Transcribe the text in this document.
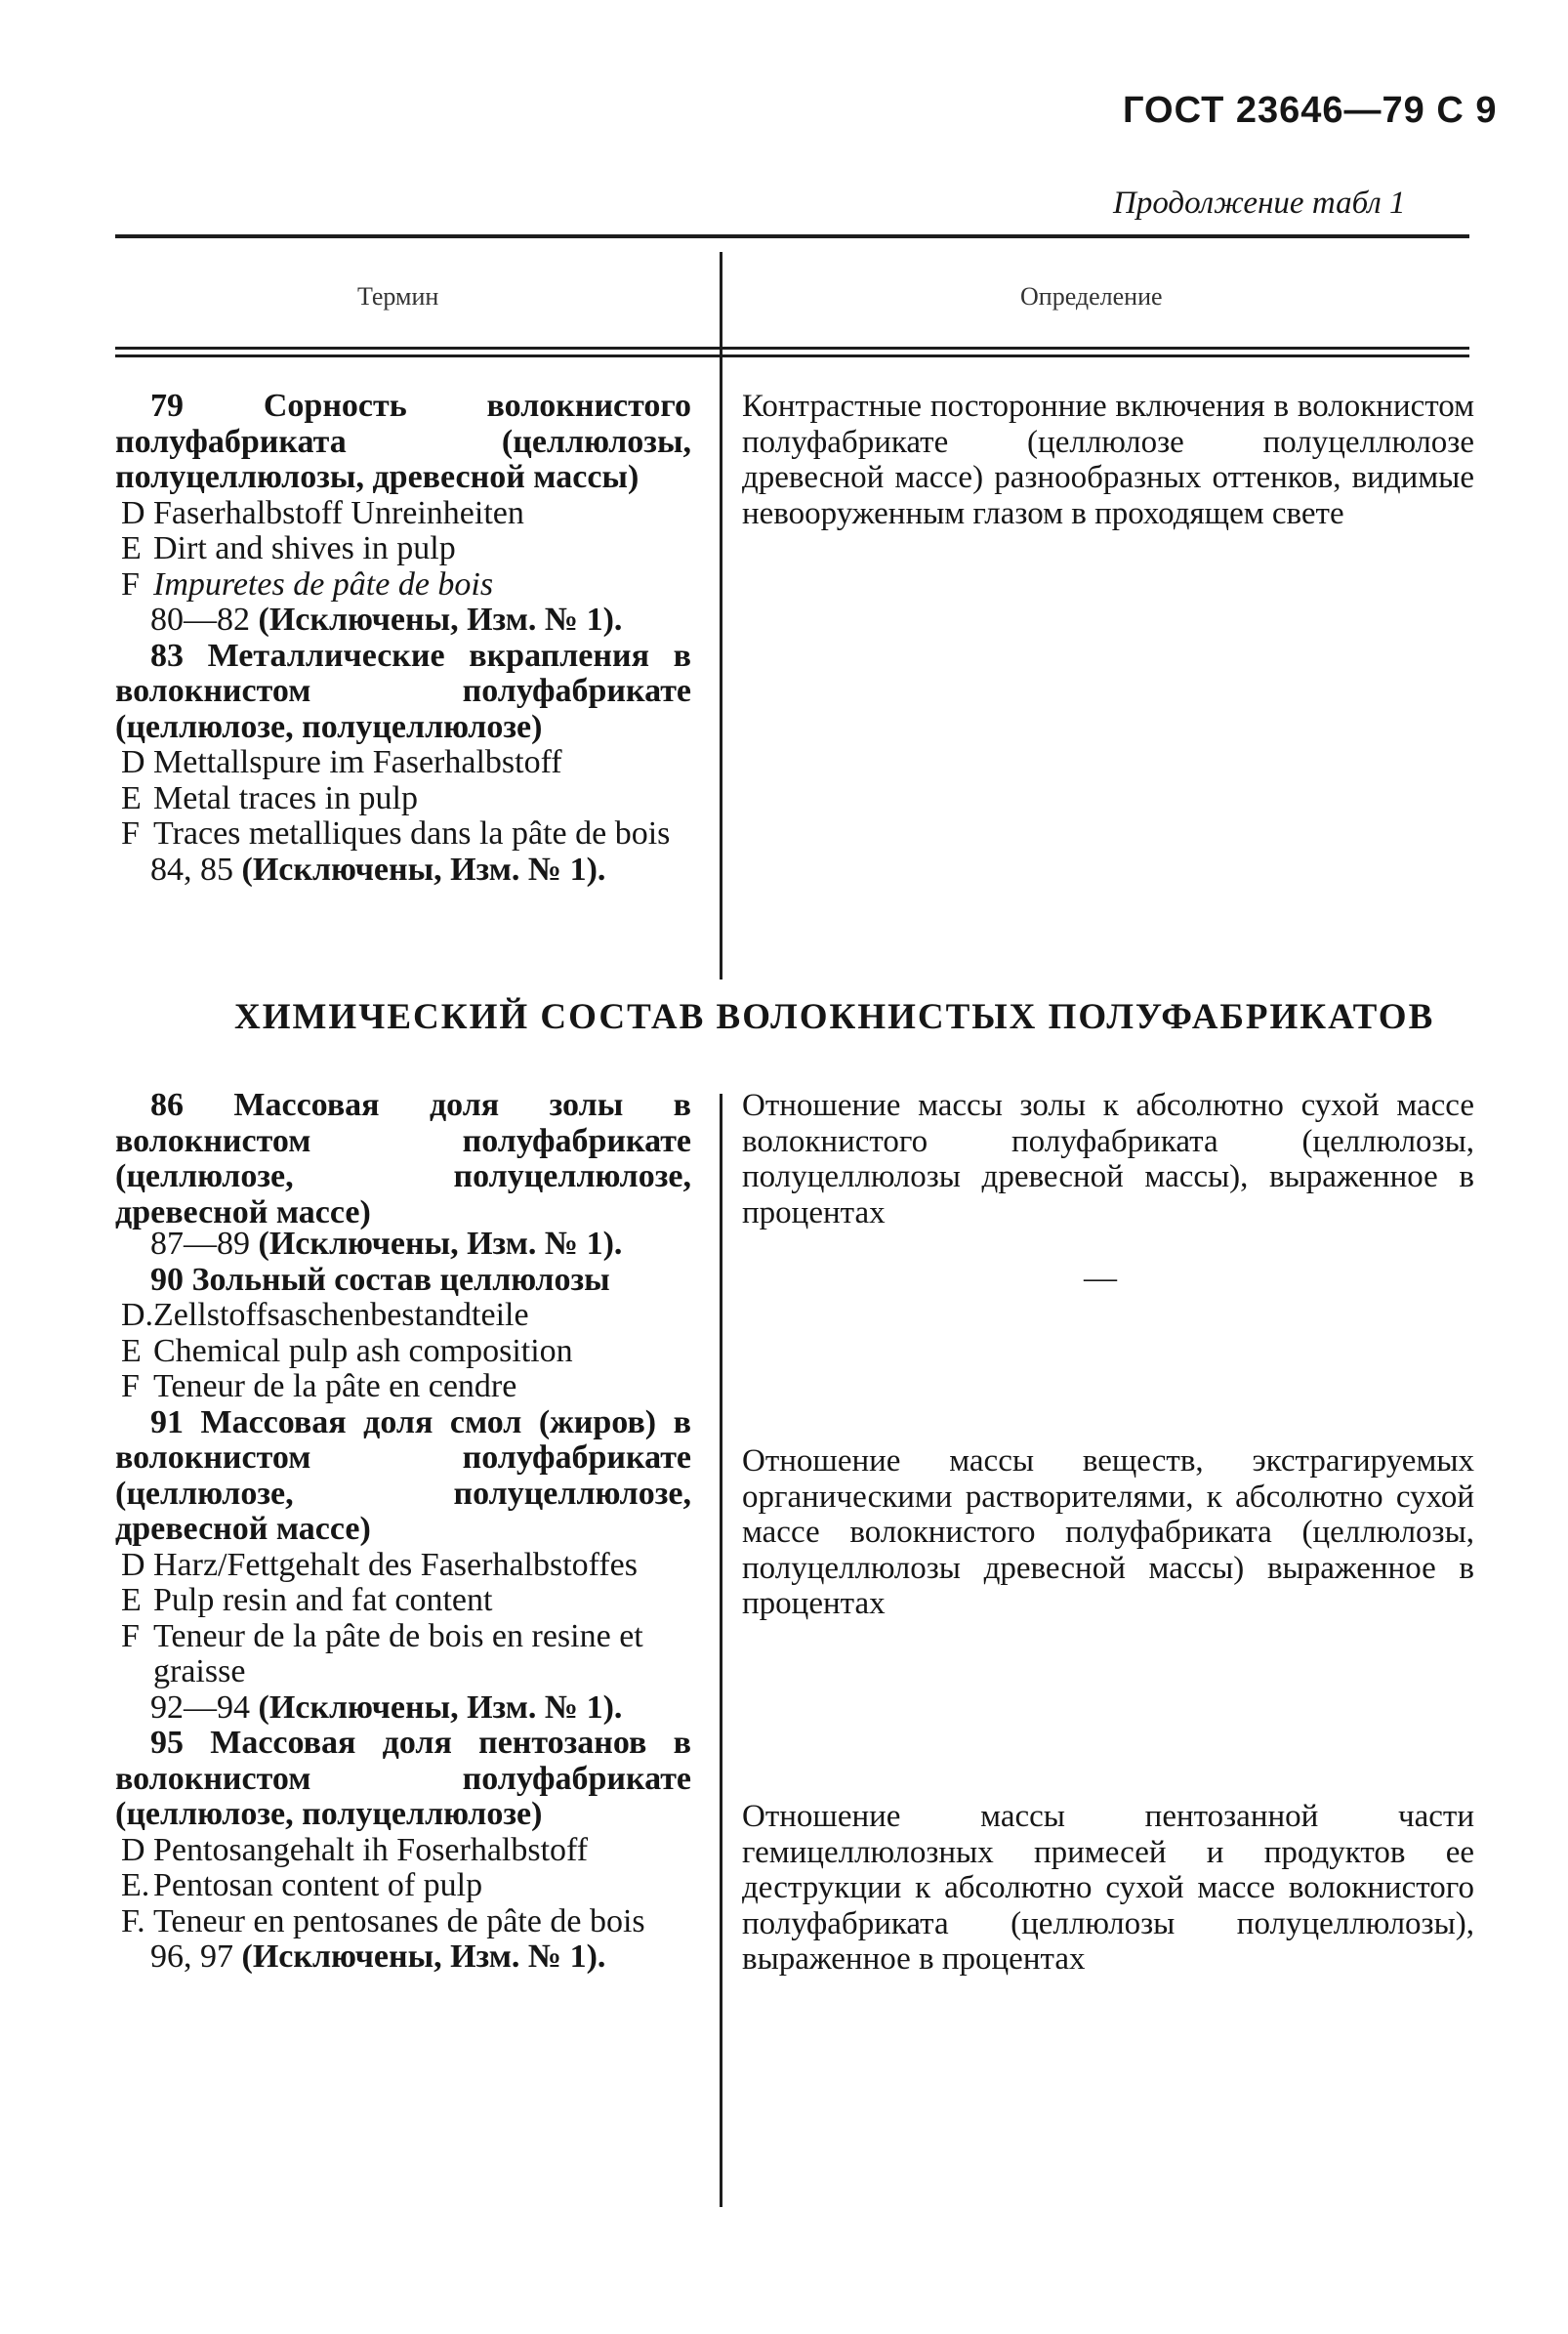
ГОСТ 23646—79 С 9
Продолжение табл 1
Термин	Определение
79 Сорность волокнистого полуфабриката (целлюлозы, полуцеллюлозы, древесной массы)
D Faserhalbstoff Unreinheiten
E Dirt and shives in pulp
F Impuretes de pâte de bois
80—82 (Исключены, Изм. № 1).
83 Металлические вкрапления в волокнистом полуфабрикате (целлюлозе, полуцеллюлозе)
D Mettallspure im Faserhalbstoff
E Metal traces in pulp
F Traces metalliques dans la pâte de bois
84, 85 (Исключены, Изм. № 1).
Контрастные посторонние включения в волокнистом полуфабрикате (целлюлозе полуцеллюлозе древесной массе) разнообразных оттенков, видимые невооруженным глазом в проходящем свете
ХИМИЧЕСКИЙ СОСТАВ ВОЛОКНИСТЫХ ПОЛУФАБРИКАТОВ
86 Массовая доля золы в волокнистом полуфабрикате (целлюлозе, полуцеллюлозе, древесной массе)
87—89 (Исключены, Изм. № 1).
90 Зольный состав целлюлозы
D.Zellstoffsaschenbestandteile
E Chemical pulp ash composition
F Teneur de la pâte en cendre
91 Массовая доля смол (жиров) в волокнистом полуфабрикате (целлюлозе, полуцеллюлозе, древесной массе)
D Harz/Fettgehalt des Faserhalbstoffes
E Pulp resin and fat content
F Teneur de la pâte de bois en resine et graisse
92—94 (Исключены, Изм. № 1).
95 Массовая доля пентозанов в волокнистом полуфабрикате (целлюлозе, полуцеллюлозе)
D Pentosangehalt ih Foserhalbstoff
E. Pentosan content of pulp
F. Teneur en pentosanes de pâte de bois
96, 97 (Исключены, Изм. № 1).
Отношение массы золы к абсолютно сухой массе волокнистого полуфабриката (целлюлозы, полуцеллюлозы древесной массы), выраженное в процентах
—
Отношение массы веществ, экстрагируемых органическими растворителями, к абсолютно сухой массе волокнистого полуфабриката (целлюлозы, полуцеллюлозы древесной массы) выраженное в процентах
Отношение массы пентозанной части гемицеллюлозных примесей и продуктов ее деструкции к абсолютно сухой массе волокнистого полуфабриката (целлюлозы полуцеллюлозы), выраженное в процентах
